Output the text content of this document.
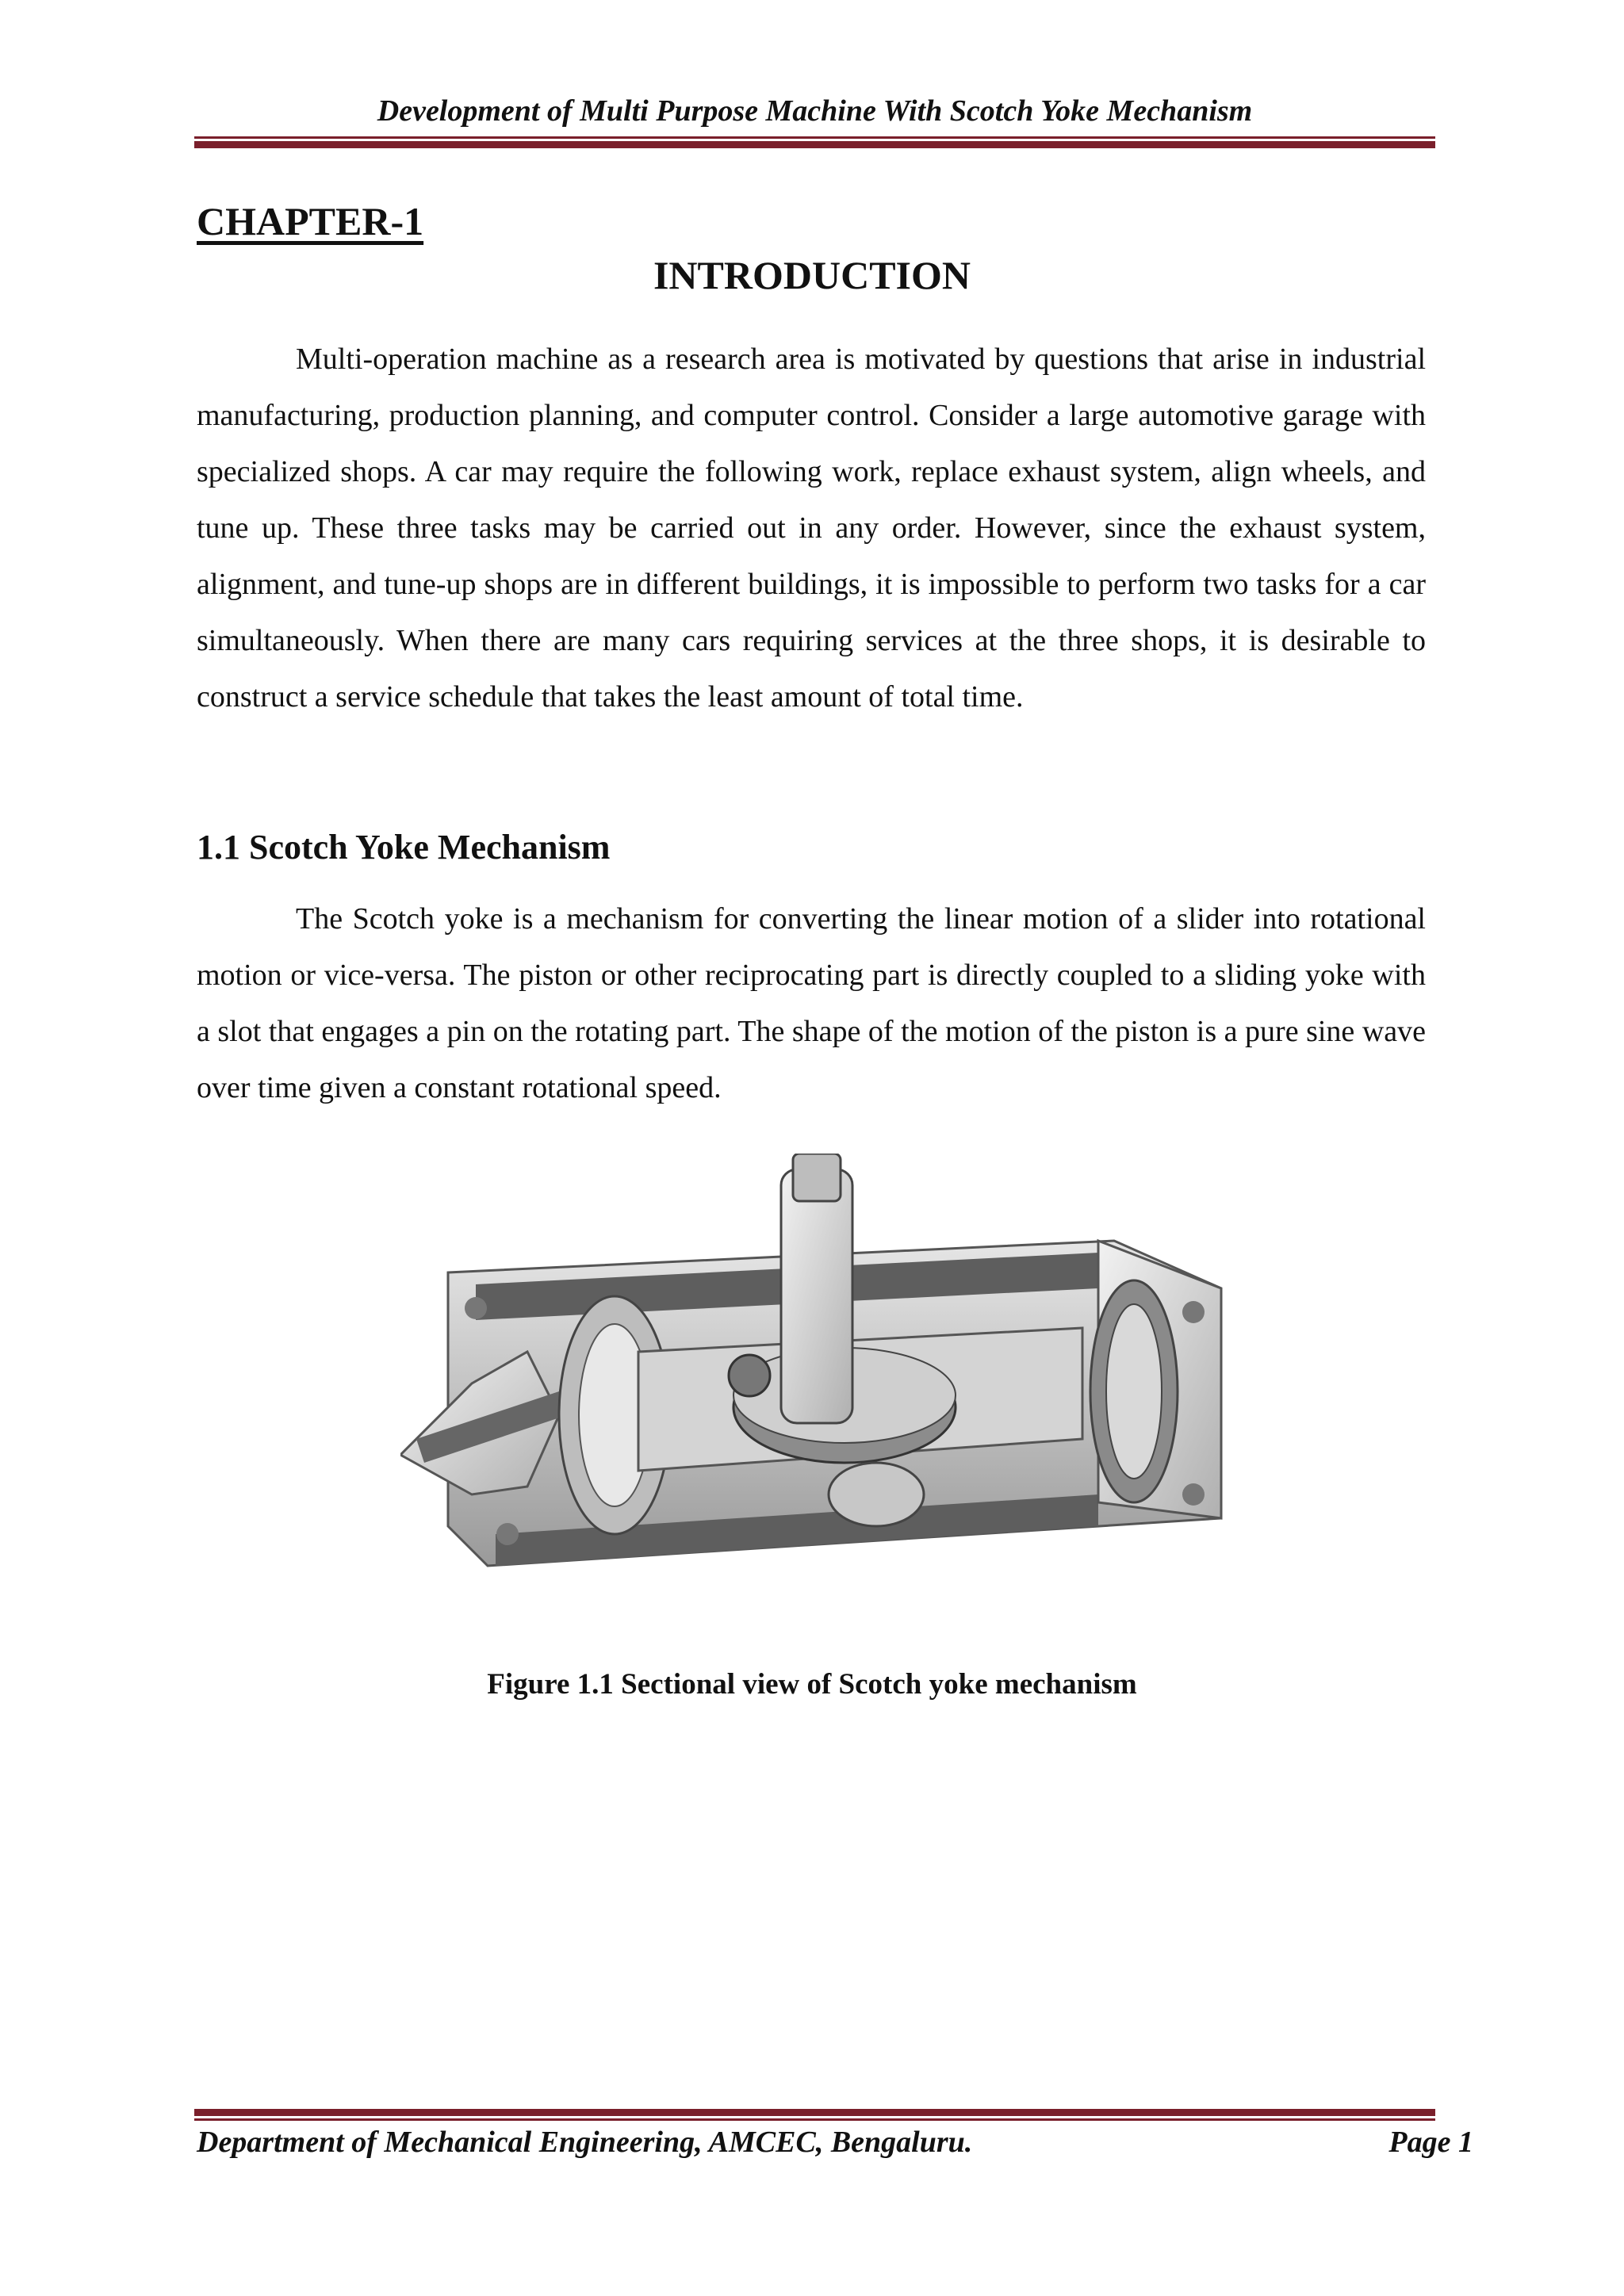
Development of Multi Purpose Machine With Scotch Yoke Mechanism
CHAPTER-1
INTRODUCTION

Multi-operation machine as a research area is motivated by questions that arise in industrial manufacturing, production planning, and computer control. Consider a large automotive garage with specialized shops. A car may require the following work, replace exhaust system, align wheels, and tune up. These three tasks may be carried out in any order. However, since the exhaust system, alignment, and tune-up shops are in different buildings, it is impossible to perform two tasks for a car simultaneously. When there are many cars requiring services at the three shops, it is desirable to construct a service schedule that takes the least amount of total time.

1.1 Scotch Yoke Mechanism

The Scotch yoke is a mechanism for converting the linear motion of a slider into rotational motion or vice-versa. The piston or other reciprocating part is directly coupled to a sliding yoke with a slot that engages a pin on the rotating part. The shape of the motion of the piston is a pure sine wave over time given a constant rotational speed.

Figure 1.1 Sectional view of Scotch yoke mechanism
Department of Mechanical Engineering, AMCEC, Bengaluru.	Page 1
